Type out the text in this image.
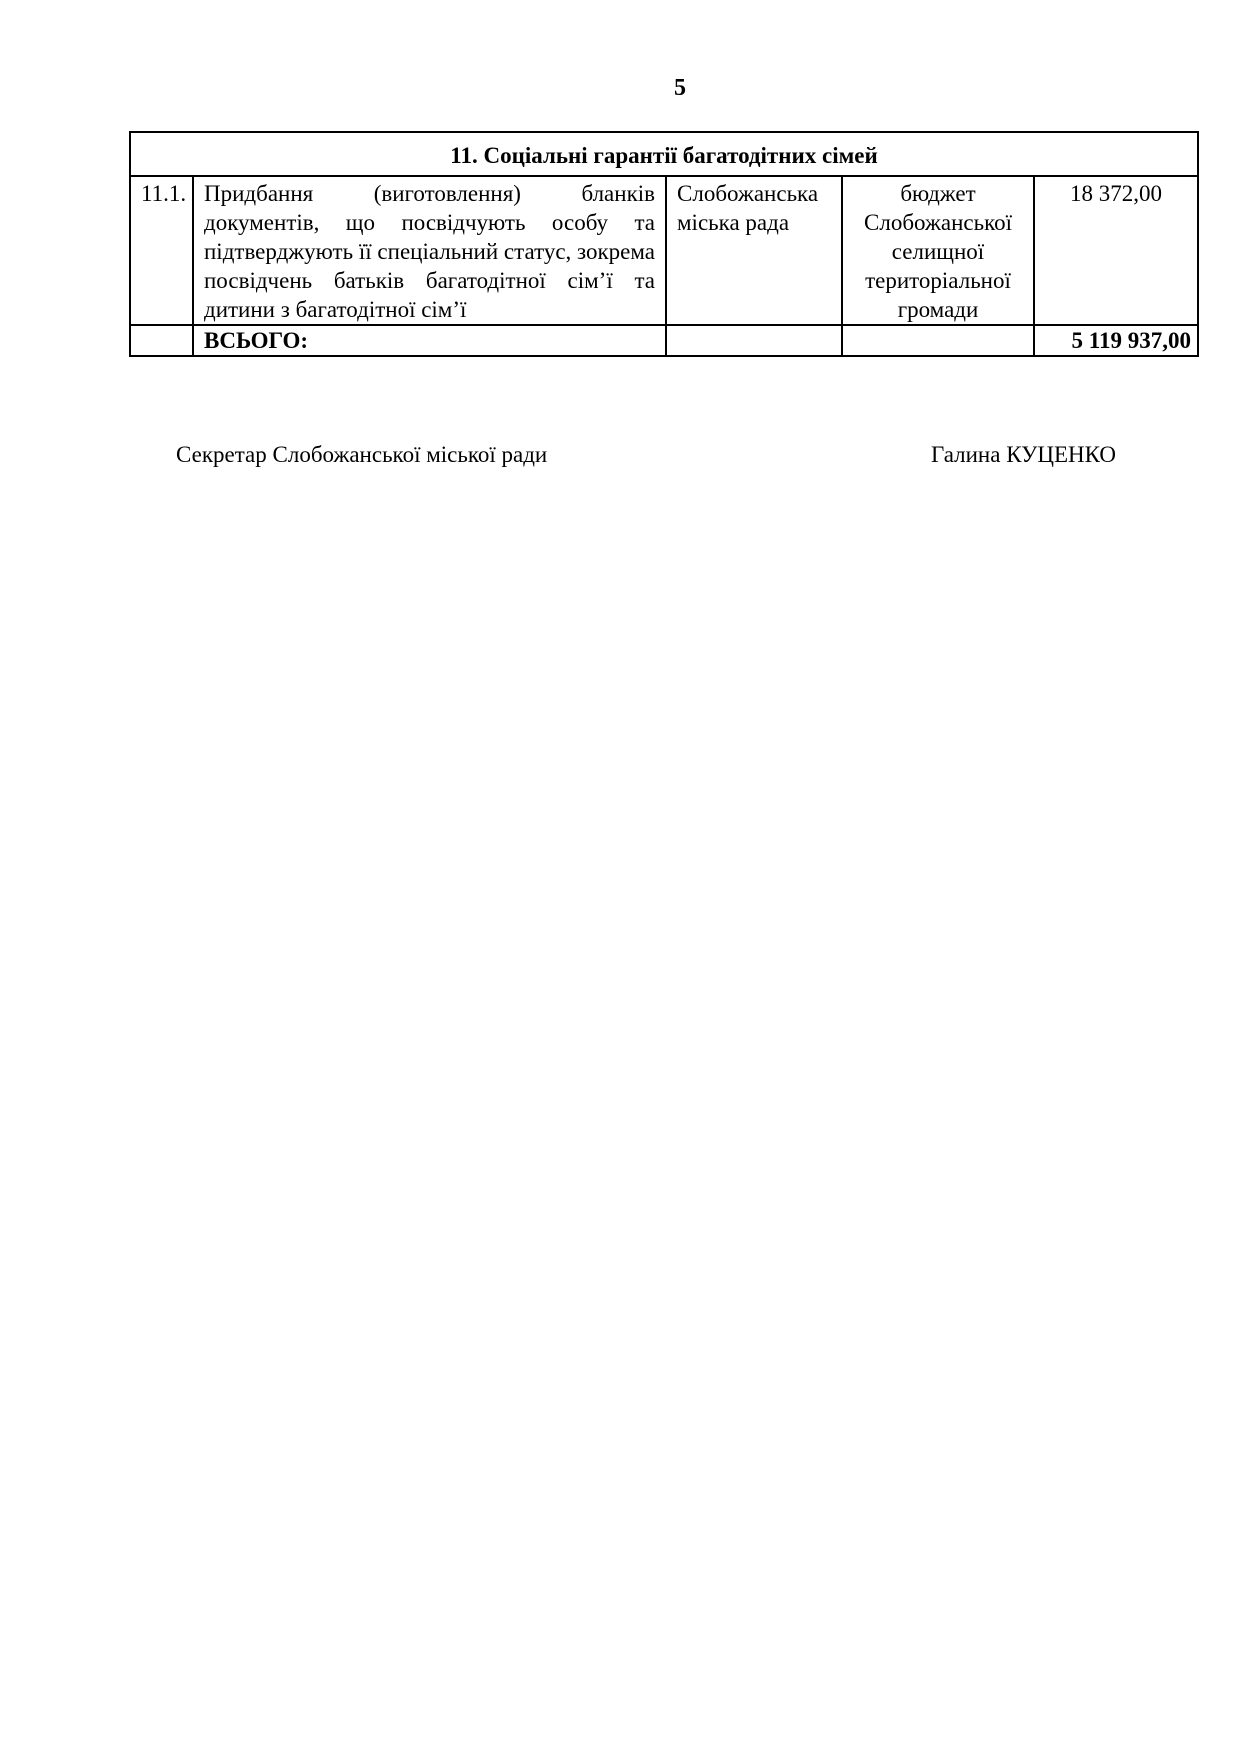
5
11. Соціальні гарантії багатодітних сімей				
11.1.	Придбання (виготовлення) бланків документів, що посвідчують особу та підтверджують її спеціальний статус, зокрема посвідчень батьків багатодітної сім’ї та дитини з багатодітної сім’ї	Слобожанська міська рада	бюджет Слобожанської селищної територіальної громади	18 372,00
	ВСЬОГО:			5 119 937,00
Секретар Слобожанської міської ради	Галина КУЦЕНКО
